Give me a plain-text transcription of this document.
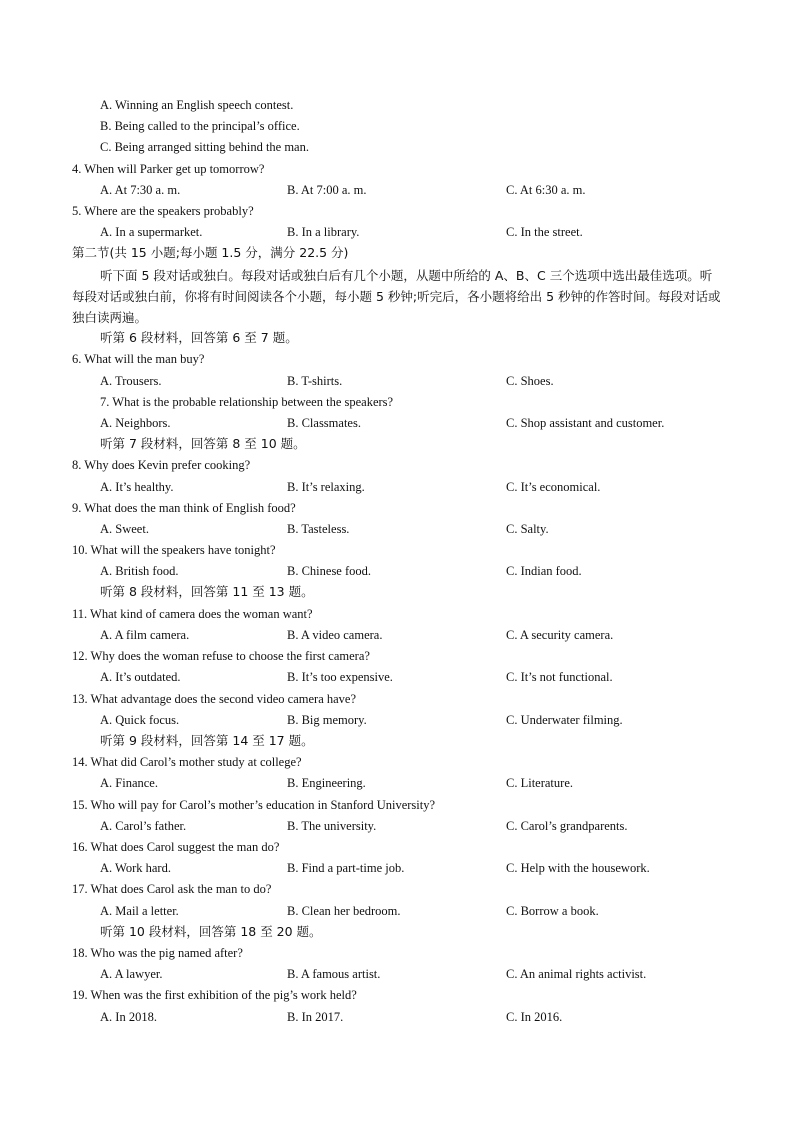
A. Winning an English speech contest.
B. Being called to the principal’s office.
C. Being arranged sitting behind the man.
4. When will Parker get up tomorrow?
A. At 7:30 a. m.	B. At 7:00 a. m.	C. At 6:30 a. m.
5. Where are the speakers probably?
A. In a supermarket.	B. In a library.	C. In the street.
第二节(共 15 小题;每小题 1.5 分，满分 22.5 分)
听下面 5 段对话或独白。每段对话或独白后有几个小题，从题中所给的 A、B、C 三个选项中选出最佳选项。听每段对话或独白前，你将有时间阅读各个小题，每小题 5 秒钟;听完后，各小题将给出 5 秒钟的作答时间。每段对话或独白读两遍。
听第 6 段材料，回答第 6 至 7 题。
6. What will the man buy?
A. Trousers.	B. T-shirts.	C. Shoes.
7. What is the probable relationship between the speakers?
A. Neighbors.	B. Classmates.	C. Shop assistant and customer.
听第 7 段材料，回答第 8 至 10 题。
8. Why does Kevin prefer cooking?
A. It’s healthy.	B. It’s relaxing.	C. It’s economical.
9. What does the man think of English food?
A. Sweet.	B. Tasteless.	C. Salty.
10. What will the speakers have tonight?
A. British food.	B. Chinese food.	C. Indian food.
听第 8 段材料，回答第 11 至 13 题。
11. What kind of camera does the woman want?
A. A film camera.	B. A video camera.	C. A security camera.
12. Why does the woman refuse to choose the first camera?
A. It’s outdated.	B. It’s too expensive.	C. It’s not functional.
13. What advantage does the second video camera have?
A. Quick focus.	B. Big memory.	C. Underwater filming.
听第 9 段材料，回答第 14 至 17 题。
14. What did Carol’s mother study at college?
A. Finance.	B. Engineering.	C. Literature.
15. Who will pay for Carol’s mother’s education in Stanford University?
A. Carol’s father.	B. The university.	C. Carol’s grandparents.
16. What does Carol suggest the man do?
A. Work hard.	B. Find a part-time job.	C. Help with the housework.
17. What does Carol ask the man to do?
A. Mail a letter.	B. Clean her bedroom.	C. Borrow a book.
听第 10 段材料，回答第 18 至 20 题。
18. Who was the pig named after?
A. A lawyer.	B. A famous artist.	C. An animal rights activist.
19. When was the first exhibition of the pig’s work held?
A. In 2018.	B. In 2017.	C. In 2016.
